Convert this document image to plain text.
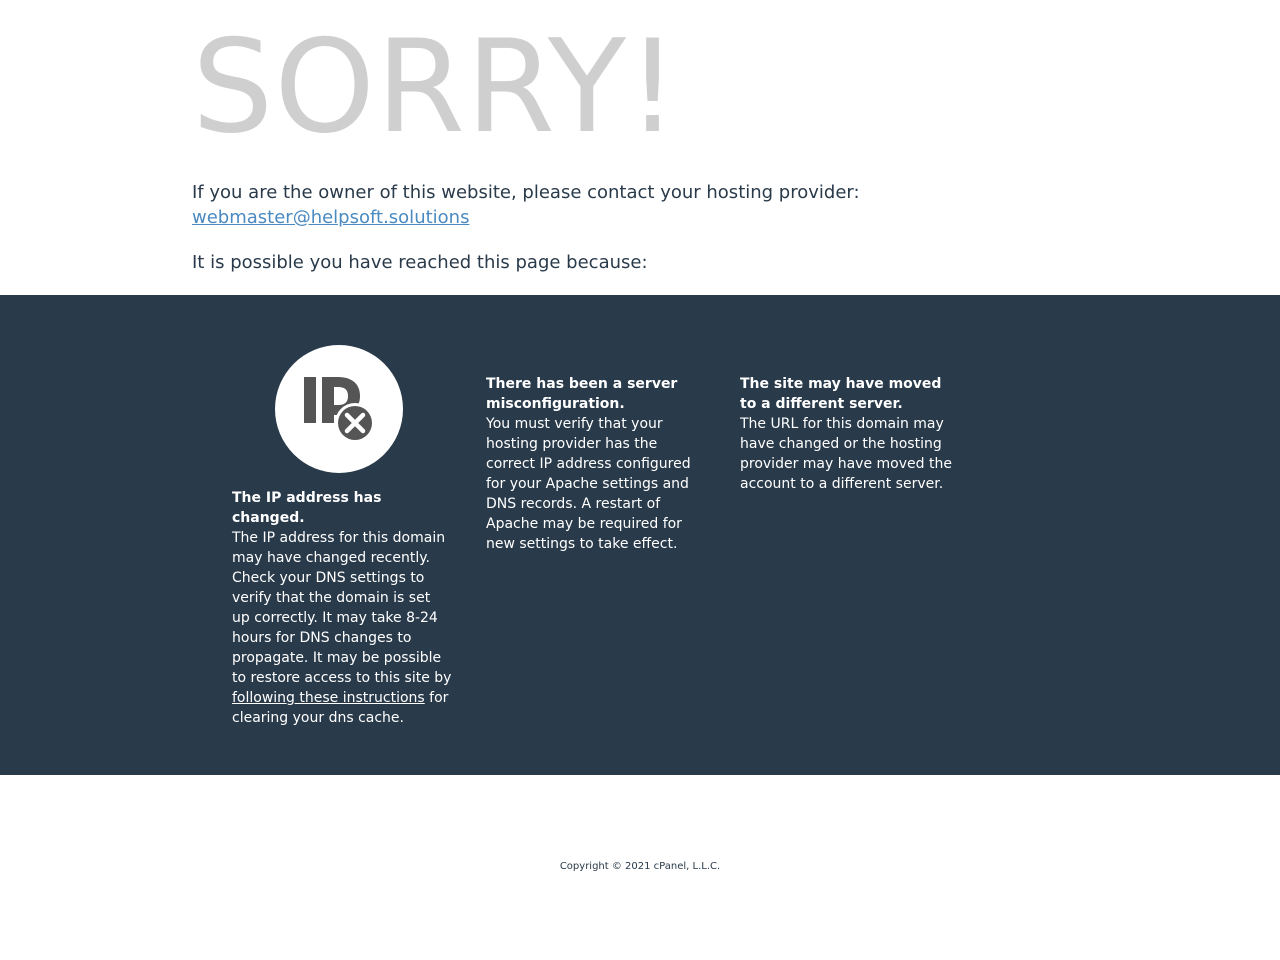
SORRY!
If you are the owner of this website, please contact your hosting provider:
webmaster@helpsoft.solutions
It is possible you have reached this page because:
The IP address has changed.
The IP address for this domain may have changed recently. Check your DNS settings to verify that the domain is set up correctly. It may take 8-24 hours for DNS changes to propagate. It may be possible to restore access to this site by following these instructions for clearing your dns cache.
There has been a server misconfiguration.
You must verify that your hosting provider has the correct IP address configured for your Apache settings and DNS records. A restart of Apache may be required for new settings to take effect.
The site may have moved to a different server.
The URL for this domain may have changed or the hosting provider may have moved the account to a different server.
Copyright © 2021 cPanel, L.L.C.
